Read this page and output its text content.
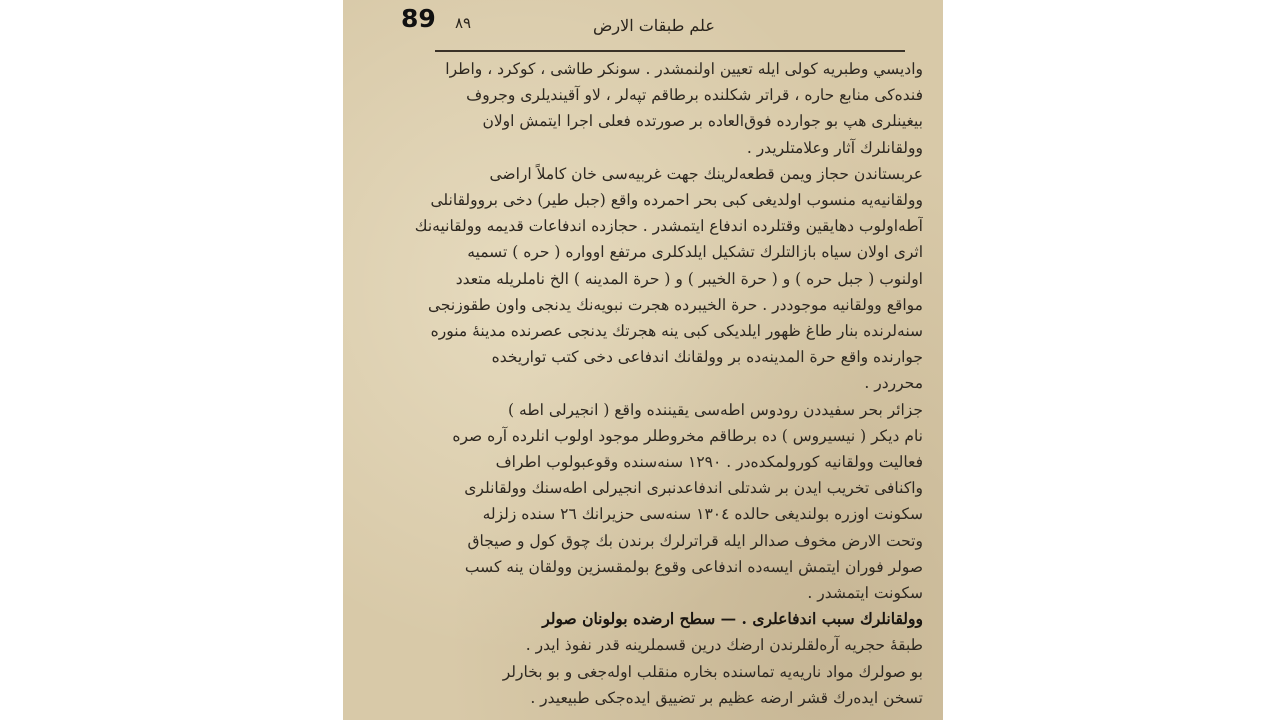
89 ٨٩	علم طبقات الارض
واديسي وطبريه كولى ايله تعيين اولنمشدر . سونكر طاشى ، كوكرد ، واطرا
فنده‌كى منابع حاره ، قراتر شكلنده برطاقم تپه‌لر ، لاو آقينديلرى وجروف
بيغينلرى هپ بو جوارده فوق‌العاده بر صورتده فعلى اجرا ايتمش اولان
وولقانلرك آثار وعلامتلريدر .
عربستاندن حجاز ويمن قطعه‌لرينك جهت غربيه‌سى خان كاملاً اراضى
وولقانيه‌يه منسوب اولديغى كبى بحر احمرده واقع (جبل طير) دخى بروولقانلى
آطه‌اولوب دهايقين وقتلرده اندفاع ايتمشدر . حجازده اندفاعات قديمه وولقانيه‌نك
اثرى اولان سياه بازالتلرك تشكيل ايلدكلرى مرتفع اوواره ( حره ) تسميه
اولنوب ( جبل حره ) و ( حرة الخيبر ) و ( حرة المدينه ) الخ ناملريله متعدد
مواقع وولقانيه موجوددر . حرة الخيبرده هجرت نبويه‌نك يدنجى واون طقوزنجى
سنه‌لرنده بنار طاغ ظهور ايلديكى كبى ينه هجرتك يدنجى عصرنده مدينهٔ منوره
جوارنده واقع حرة المدينه‌ده بر وولقانك اندفاعى دخى كتب تواريخده
محرردر .
جزائر بحر سفيددن رودوس اطه‌سى يقيننده واقع ( انجيرلى اطه )
نام ديكر ( نيسيروس ) ده برطاقم مخروطلر موجود اولوب انلرده آره صره
فعاليت وولقانيه كورولمكده‌در . ١٢٩٠ سنه‌سنده وقوعبولوب اطراف
واكنافى تخريب ايدن بر شدتلى اندفاعدنبرى انجيرلى اطه‌سنك وولقانلرى
سكونت اوزره بولنديغى حالده ١٣٠٤ سنه‌سى حزيرانك ٢٦ سنده زلزله
وتحت الارض مخوف صدالر ايله قراترلرك برندن بك چوق كول و صيجاق
صولر فوران ايتمش ايسه‌ده اندفاعى وقوع بولمقسزين وولقان ينه كسب
سكونت ايتمشدر .
وولقانلرك سبب اندفاعلرى . — سطح ارضده بولونان صولر
طبقهٔ حجريه آره‌لقلرندن ارضك درين قسملرينه قدر نفوذ ايدر .
بو صولرك مواد ناريه‌يه تماسنده بخاره منقلب اوله‌جغى و بو بخارلر
تسخن ايده‌رك قشر ارضه عظيم بر تضييق ايده‌جكى طبيعيدر .
